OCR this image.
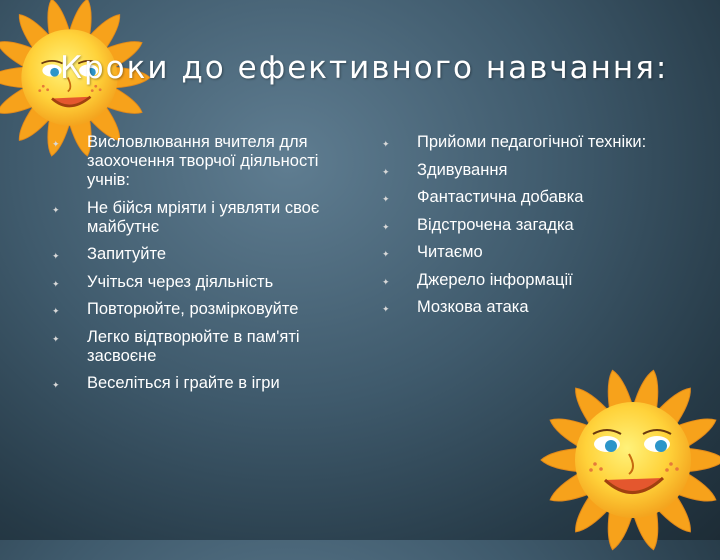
Кроки до ефективного навчання:
✦ Висловлювання вчителя для заохочення творчої діяльності учнів:
✦ Не бійся мріяти і уявляти своє майбутнє
✦ Запитуйте
✦ Учіться через діяльність
✦ Повторюйте, розмірковуйте
✦ Легко відтворюйте в пам'яті  засвоєне
✦ Веселіться і грайте в ігри
✦ Прийоми педагогічної техніки:
✦ Здивування
✦ Фантастична добавка
✦ Відстрочена загадка
✦ Читаємо
✦ Джерело інформації
✦ Мозкова атака
